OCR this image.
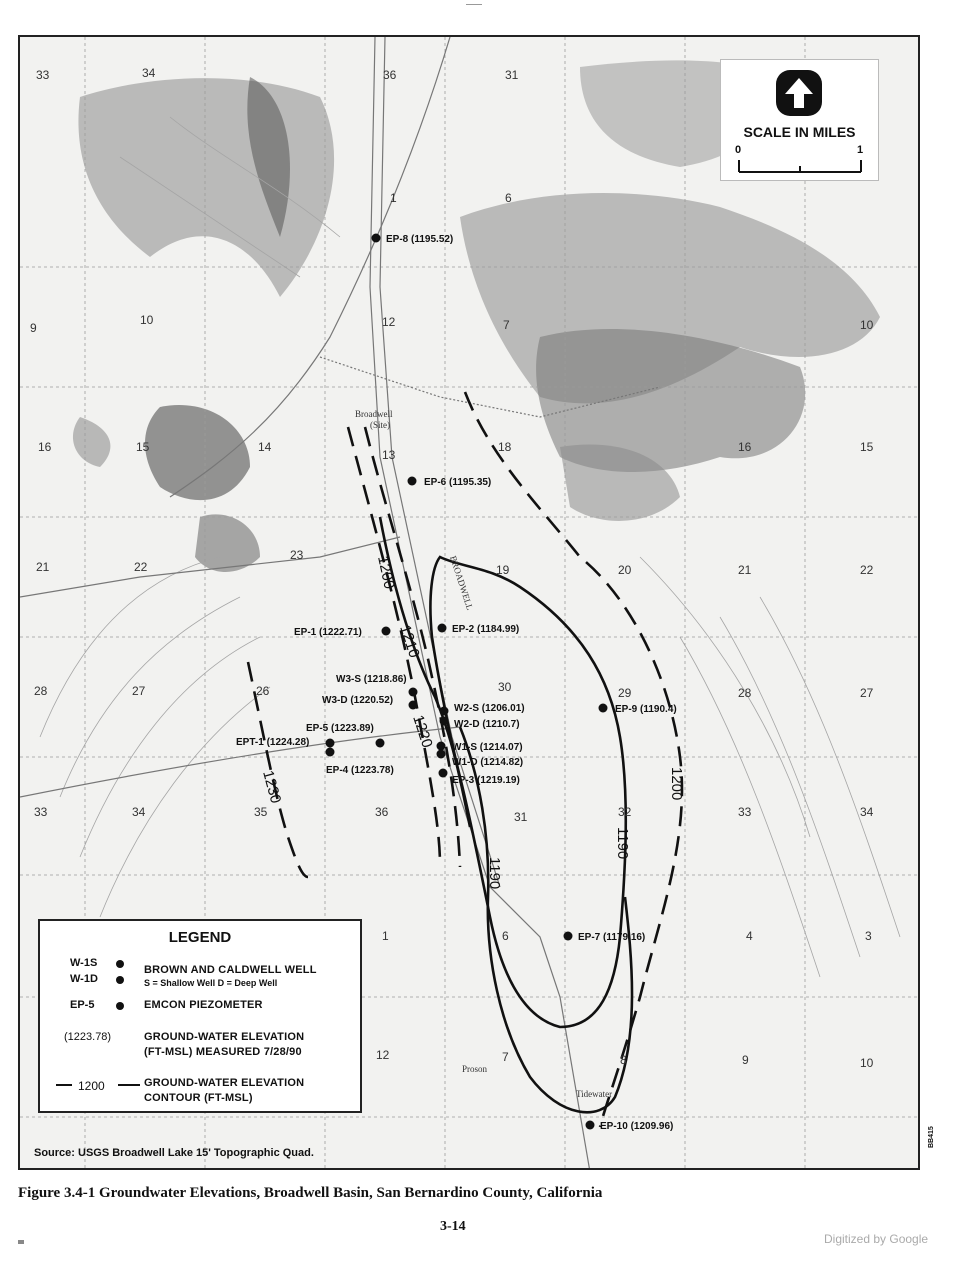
1200
1210
1220
1230
1190
1190
1200
BROADWELL
Broadwell
(Site)
Proson
Tidewater
33	34	36	31
6
1
9
10	12	7	10
16	15	14
13
18	16	15
21	22
23
19	20	21	22
28	27	26	30	29	28	27
33	34	35	36	31	32	33	34
1	6	4	3
12	7	8	9	10
EP-8 (1195.52)
EP-6 (1195.35)
EP-1 (1222.71)	EP-2 (1184.99)
W3-S (1218.86)
W3-D (1220.52)
W2-S (1206.01)
W2-D (1210.7)
EP-5 (1223.89)
EPT-1 (1224.28)
EP-4 (1223.78)
W1-S (1214.07)
W1-D (1214.82)
EP-3 (1219.19)
EP-9 (1190.4)
EP-7 (1179.16)
EP-10 (1209.96)
SCALE IN MILES
0	1
LEGEND
W-1S
W-1D
BROWN AND CALDWELL WELL
S = Shallow Well D = Deep Well
EP-5	EMCON PIEZOMETER
(1223.78)	GROUND-WATER ELEVATION
(FT-MSL) MEASURED 7/28/90
1200	GROUND-WATER ELEVATION
CONTOUR (FT-MSL)
Source: USGS Broadwell Lake 15' Topographic Quad.
BB415
Figure 3.4-1 Groundwater Elevations, Broadwell Basin, San Bernardino County, California
3-14
Digitized by Google
